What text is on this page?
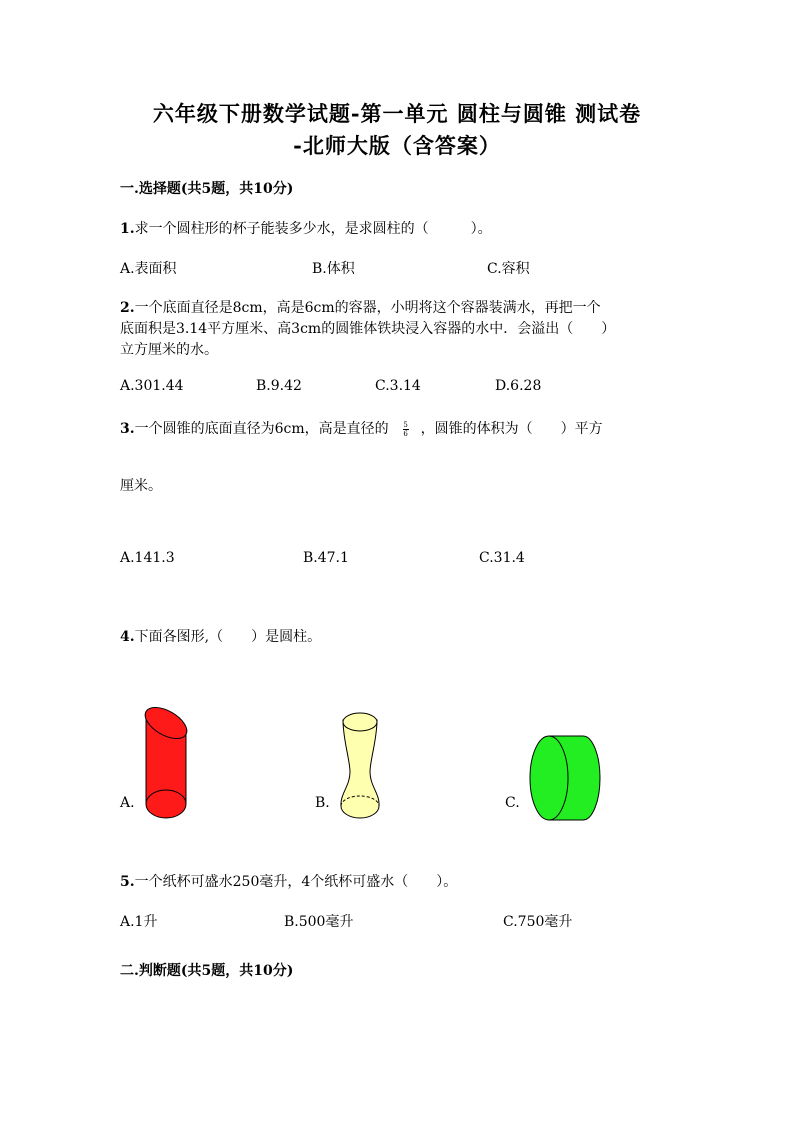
六年级下册数学试题-第一单元 圆柱与圆锥 测试卷
-北师大版（含答案）
一.选择题(共5题，共10分)
1.求一个圆柱形的杯子能装多少水，是求圆柱的（　　　）。
A.表面积	B.体积	C.容积
2.一个底面直径是8cm，高是6cm的容器，小明将这个容器装满水，再把一个
底面积是3.14平方厘米、高3cm的圆锥体铁块浸入容器的水中．会溢出（　　）
立方厘米的水。
A.301.44	B.9.42	C.3.14	D.6.28
3.一个圆锥的底面直径为6cm，高是直径的 $\frac{5}{6}$ ，圆锥的体积为（　　）平方
厘米。
A.141.3	B.47.1	C.31.4
4.下面各图形,（　　）是圆柱。
A.	B.	C.
5.一个纸杯可盛水250毫升，4个纸杯可盛水（　　）。
A.1升	B.500毫升	C.750毫升
二.判断题(共5题，共10分)
